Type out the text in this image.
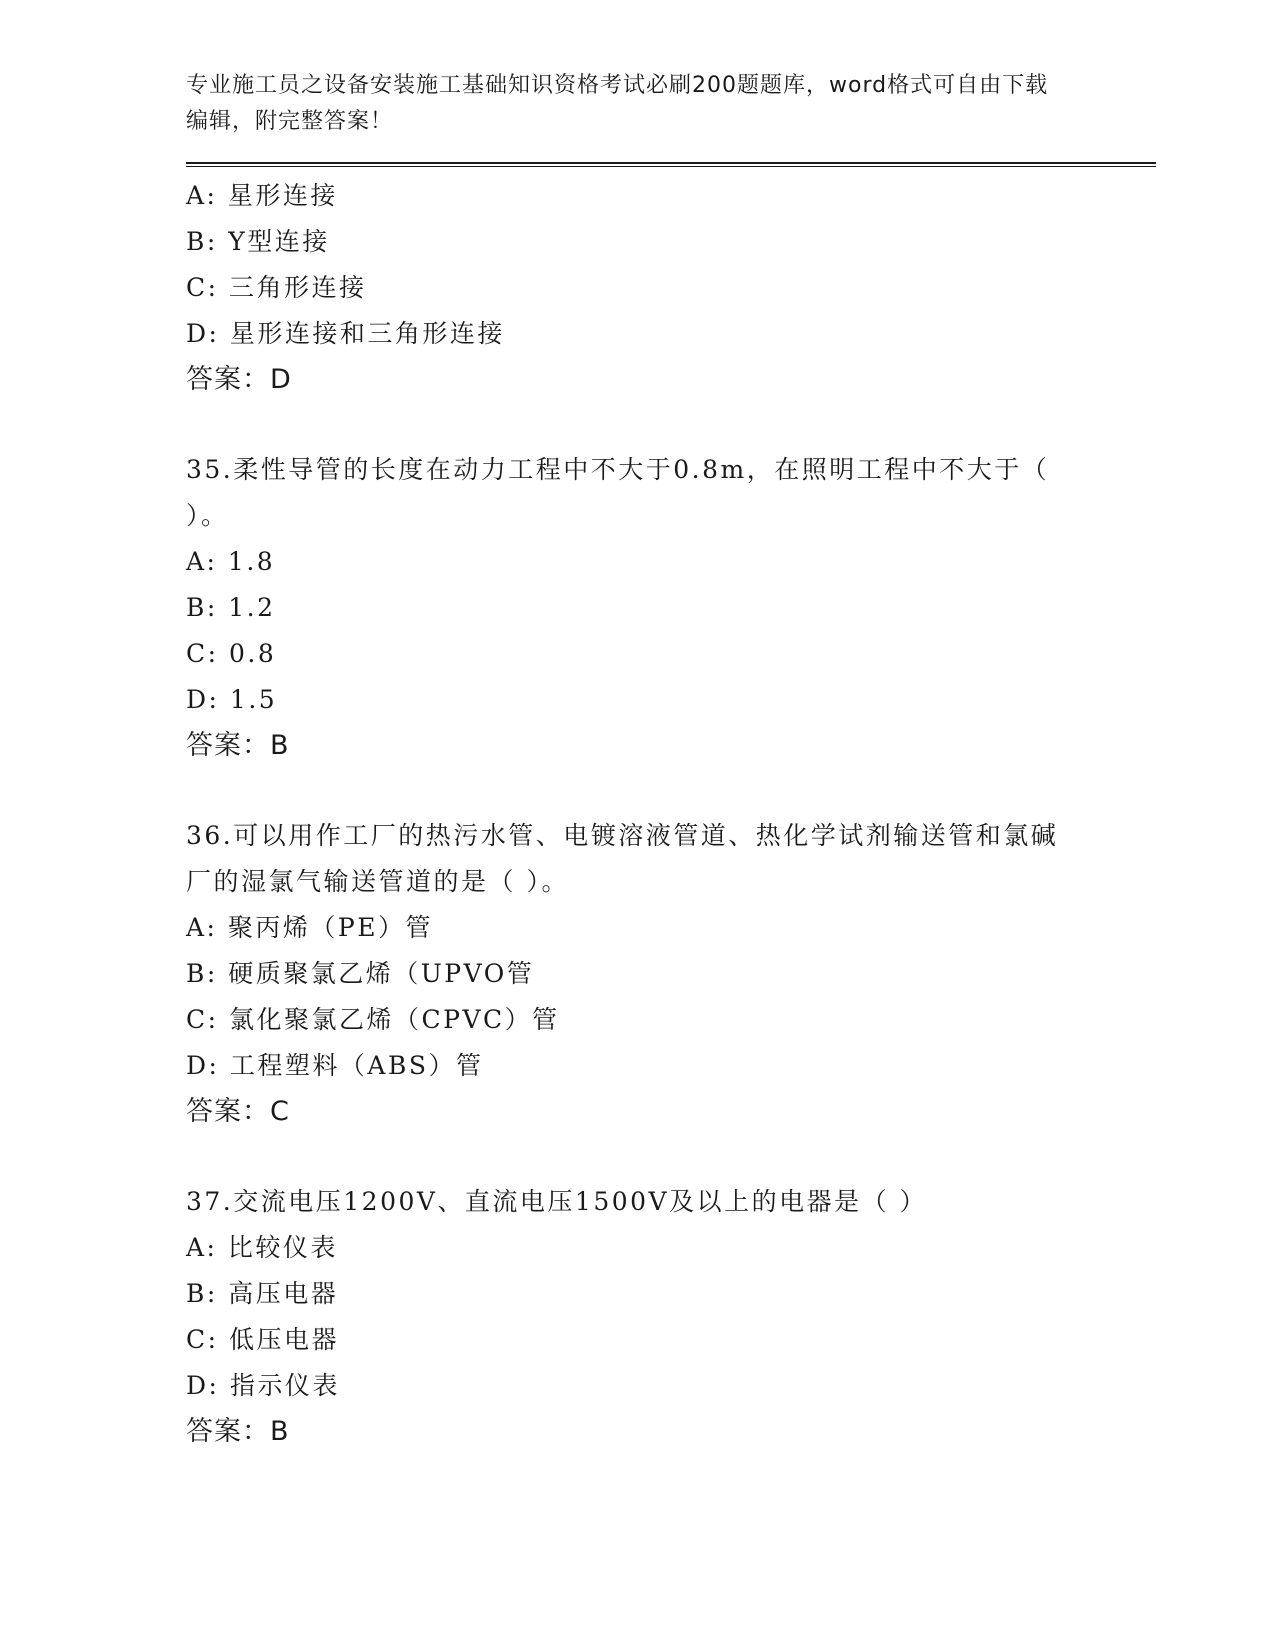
专业施工员之设备安装施工基础知识资格考试必刷200题题库，word格式可自由下载编辑，附完整答案！
A: 星形连接
B: Y型连接
C: 三角形连接
D: 星形连接和三角形连接
答案：D
35.柔性导管的长度在动力工程中不大于0.8m，在照明工程中不大于（ ）。
A: 1.8
B: 1.2
C: 0.8
D: 1.5
答案：B
36.可以用作工厂的热污水管、电镀溶液管道、热化学试剂输送管和氯碱厂的湿氯气输送管道的是（ ）。
A: 聚丙烯（PE）管
B: 硬质聚氯乙烯（UPVO管
C: 氯化聚氯乙烯（CPVC）管
D: 工程塑料（ABS）管
答案：C
37.交流电压1200V、直流电压1500V及以上的电器是（ ）
A: 比较仪表
B: 高压电器
C: 低压电器
D: 指示仪表
答案：B
